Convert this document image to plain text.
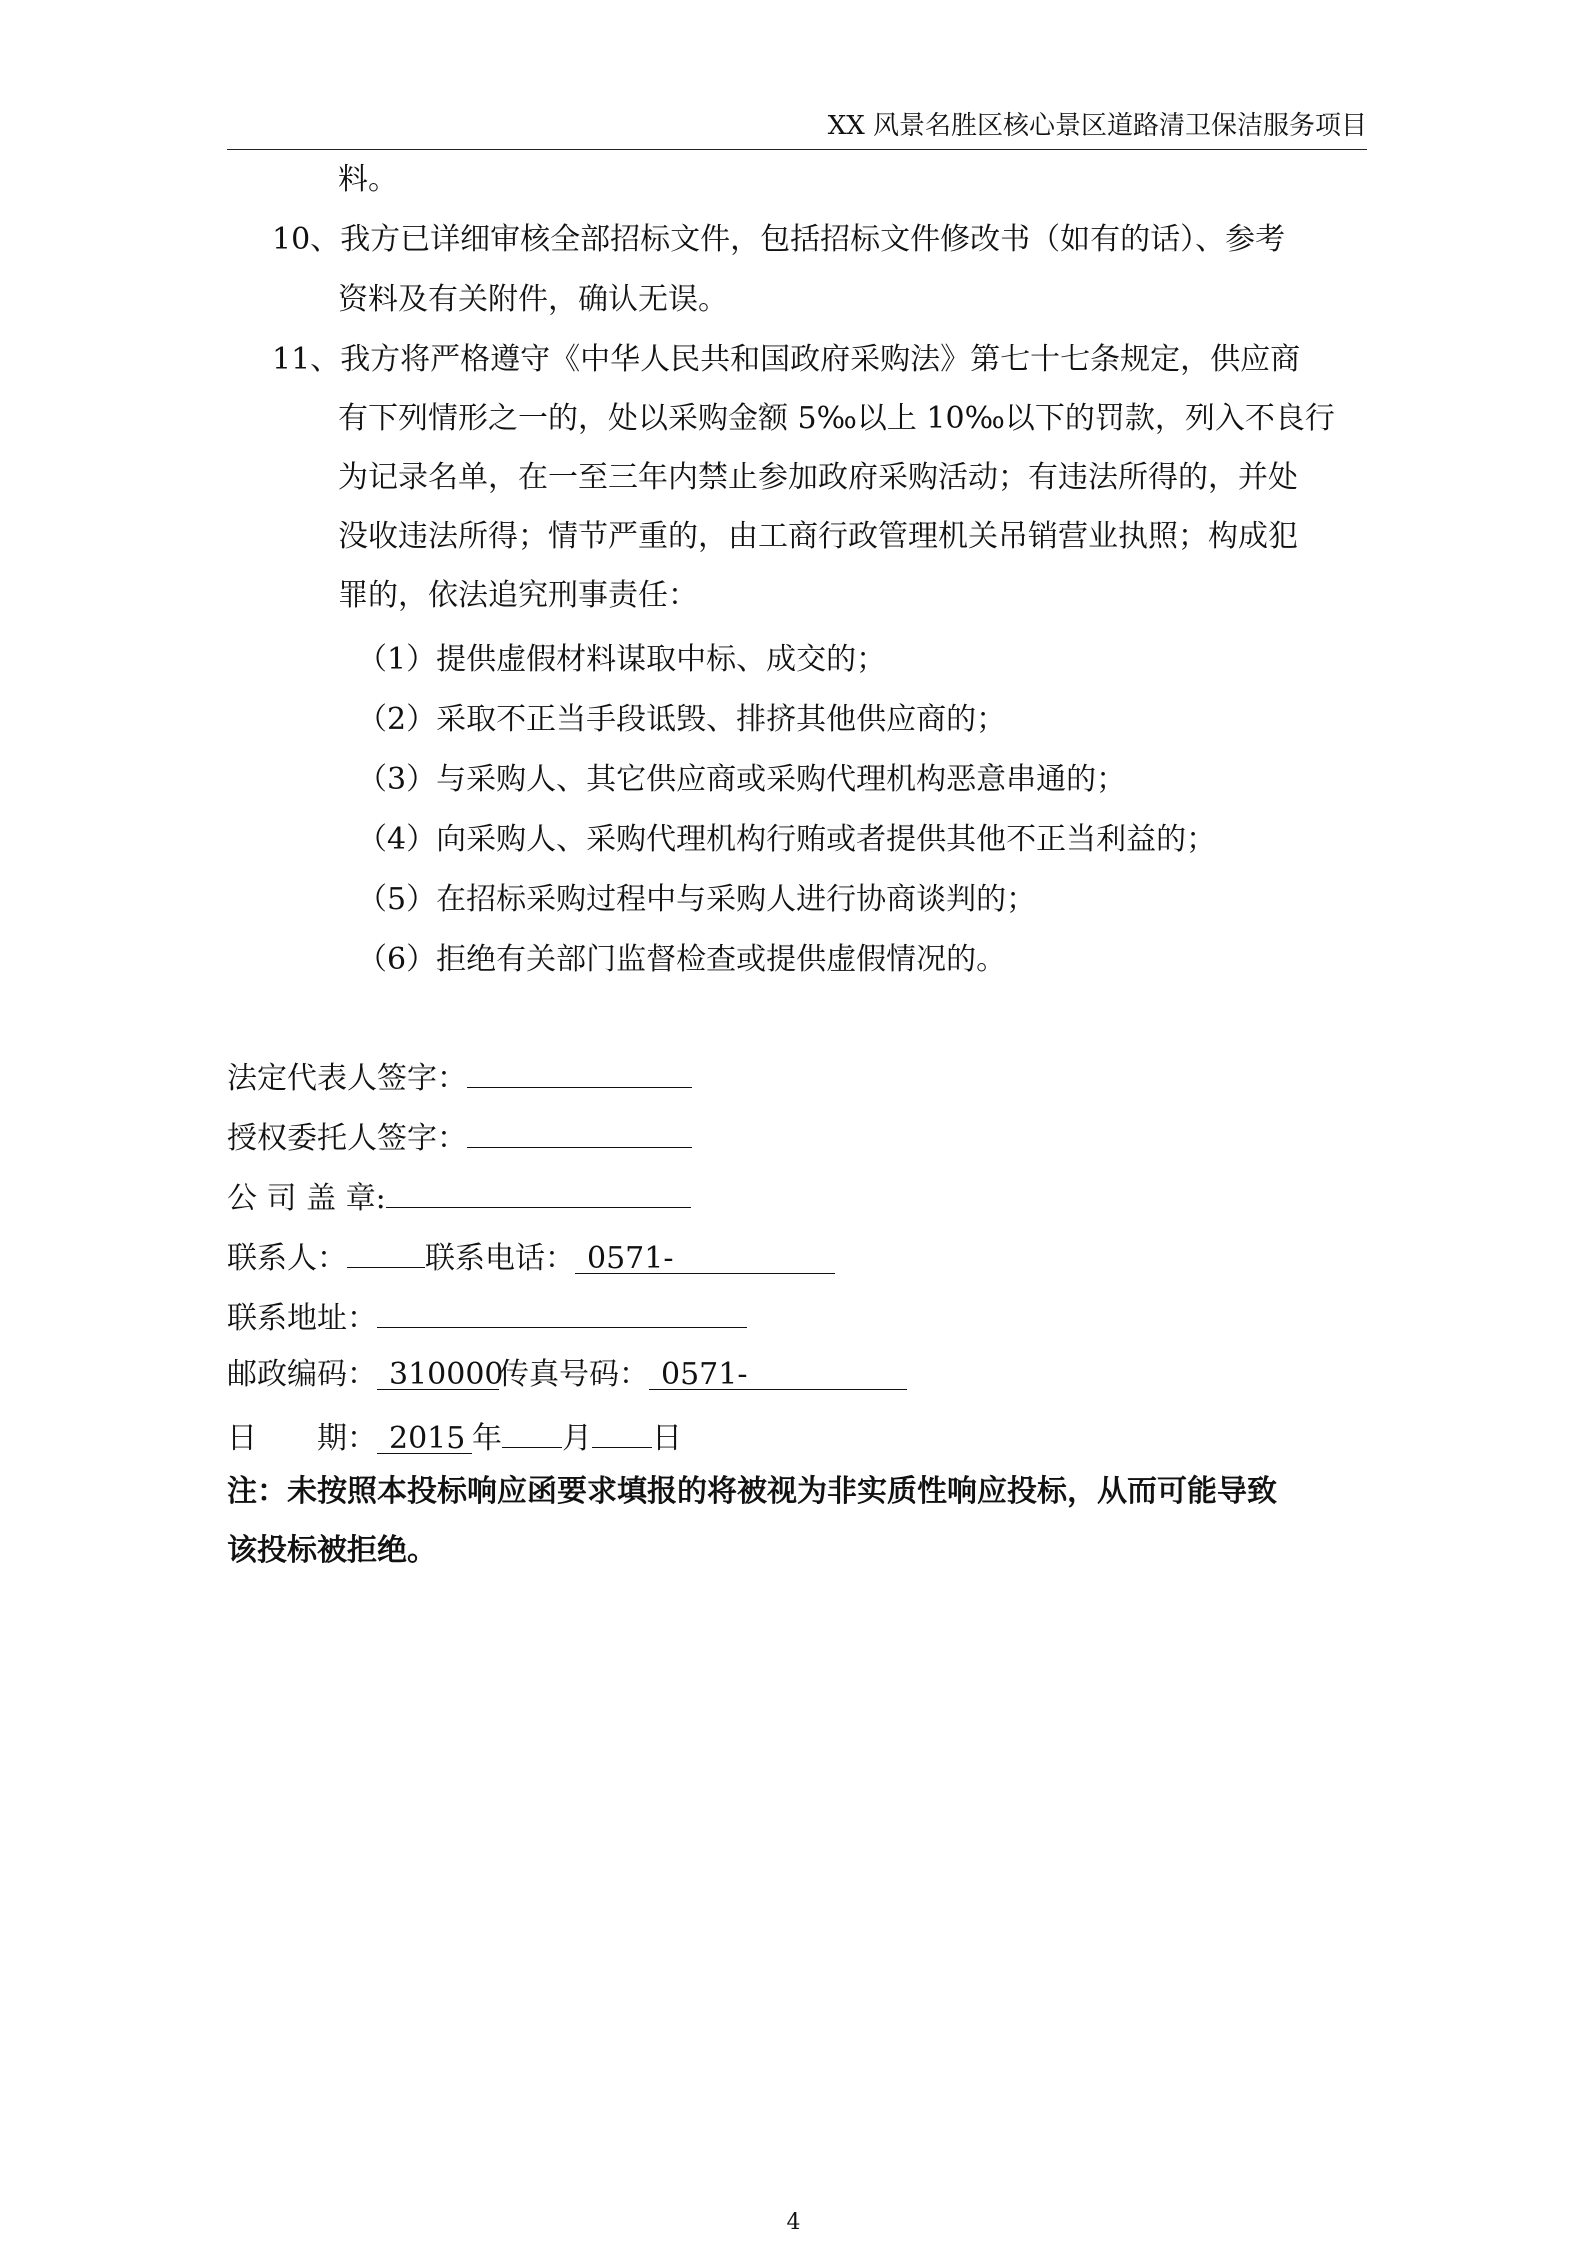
XX 风景名胜区核心景区道路清卫保洁服务项目
料。
10、我方已详细审核全部招标文件，包括招标文件修改书（如有的话）、参考
资料及有关附件，确认无误。
11、我方将严格遵守《中华人民共和国政府采购法》第七十七条规定，供应商
有下列情形之一的，处以采购金额 5‰以上 10‰以下的罚款，列入不良行
为记录名单，在一至三年内禁止参加政府采购活动；有违法所得的，并处
没收违法所得；情节严重的，由工商行政管理机关吊销营业执照；构成犯
罪的，依法追究刑事责任：
（1）提供虚假材料谋取中标、成交的；
（2）采取不正当手段诋毁、排挤其他供应商的；
（3）与采购人、其它供应商或采购代理机构恶意串通的；
（4）向采购人、采购代理机构行贿或者提供其他不正当利益的；
（5）在招标采购过程中与采购人进行协商谈判的；
（6）拒绝有关部门监督检查或提供虚假情况的。
法定代表人签字：
授权委托人签字：
公 司 盖 章:
联系人：	联系电话： 0571-
联系地址：
邮政编码： 310000传真号码： 0571-
日　　期： 2015 年 月 日
注：未按照本投标响应函要求填报的将被视为非实质性响应投标，从而可能导致
该投标被拒绝。
4
